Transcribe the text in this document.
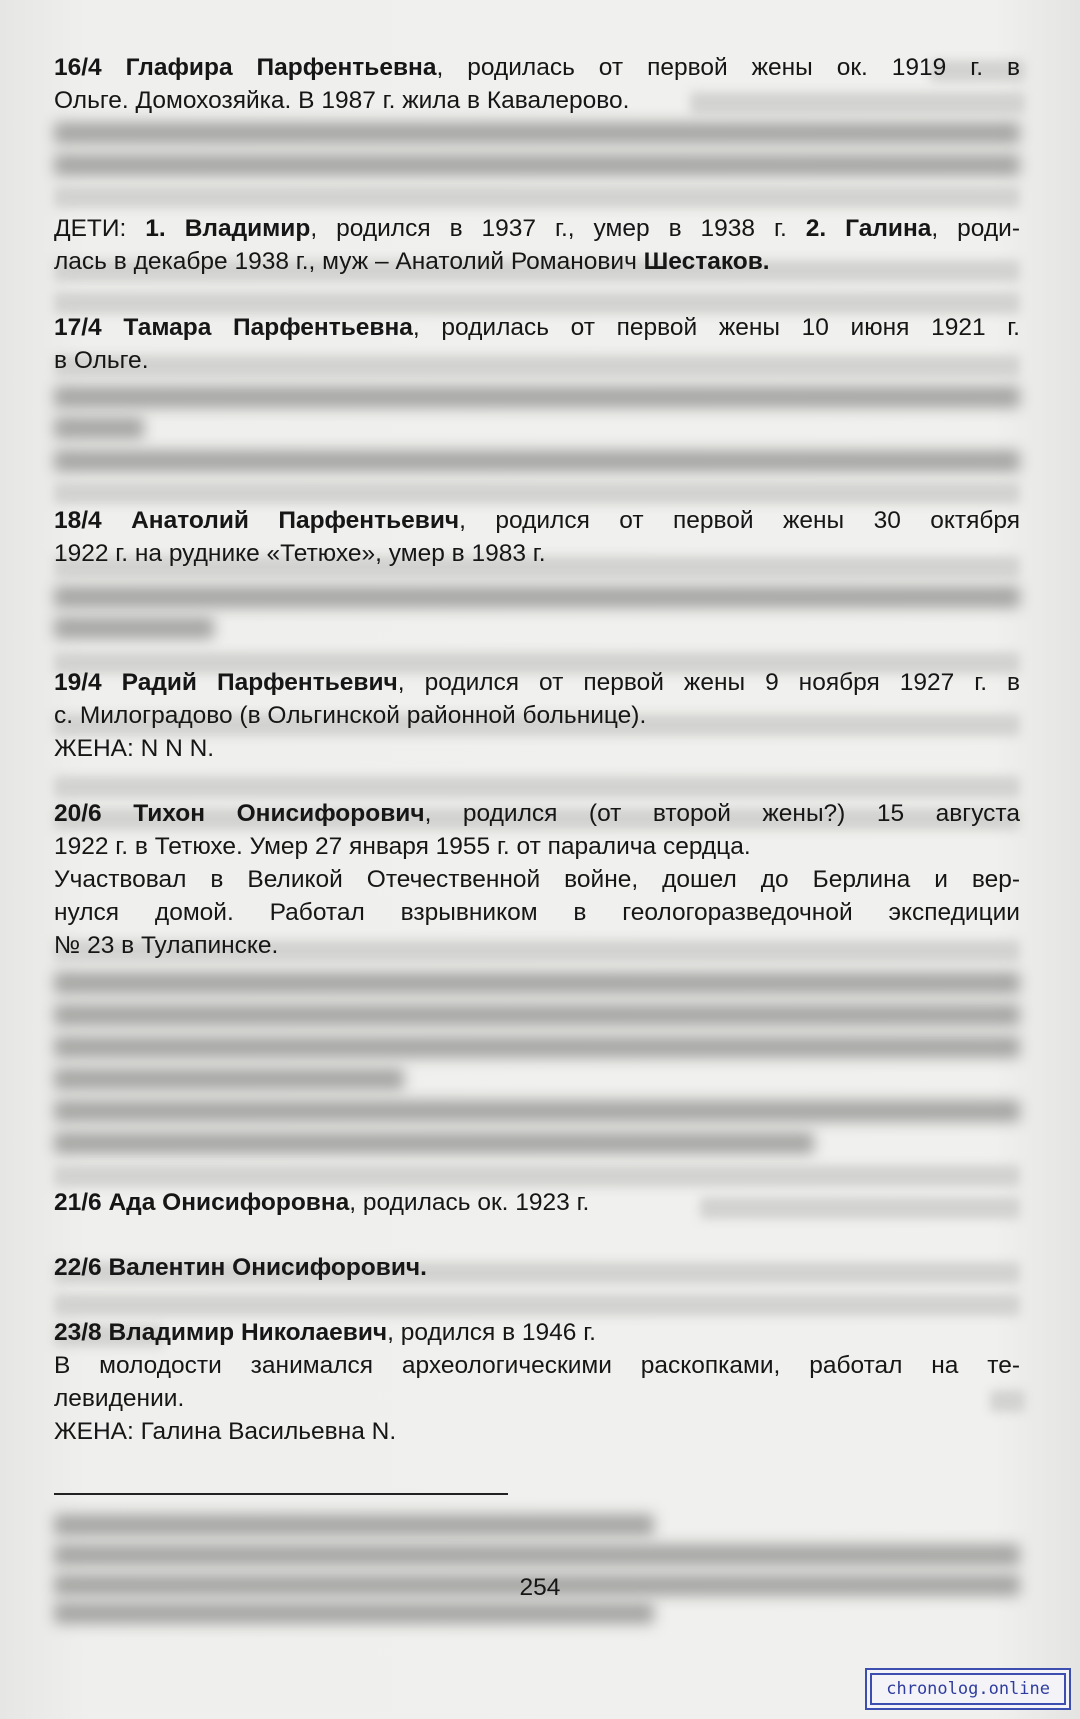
16/4 Глафира Парфентьевна, родилась от первой жены ок. 1919 г. в
Ольге. Домохозяйка. В 1987 г. жила в Кавалерово.
ДЕТИ: 1. Владимир, родился в 1937 г., умер в 1938 г. 2. Галина, роди-
лась в декабре 1938 г., муж – Анатолий Романович Шестаков.
17/4 Тамара Парфентьевна, родилась от первой жены 10 июня 1921 г.
в Ольге.
18/4 Анатолий Парфентьевич, родился от первой жены 30 октября
1922 г. на руднике «Тетюхе», умер в 1983 г.
19/4 Радий Парфентьевич, родился от первой жены 9 ноября 1927 г. в
с. Милоградово (в Ольгинской районной больнице).
ЖЕНА: N N N.
20/6 Тихон Онисифорович, родился (от второй жены?) 15 августа
1922 г. в Тетюхе. Умер 27 января 1955 г. от паралича сердца.
Участвовал в Великой Отечественной войне, дошел до Берлина и вер-
нулся домой. Работал взрывником в геологоразведочной экспедиции
№ 23 в Тулапинске.
21/6 Ада Онисифоровна, родилась ок. 1923 г.
22/6 Валентин Онисифорович.
23/8 Владимир Николаевич, родился в 1946 г.
В молодости занимался археологическими раскопками, работал на те-
левидении.
ЖЕНА: Галина Васильевна N.
254
chronolog.online
